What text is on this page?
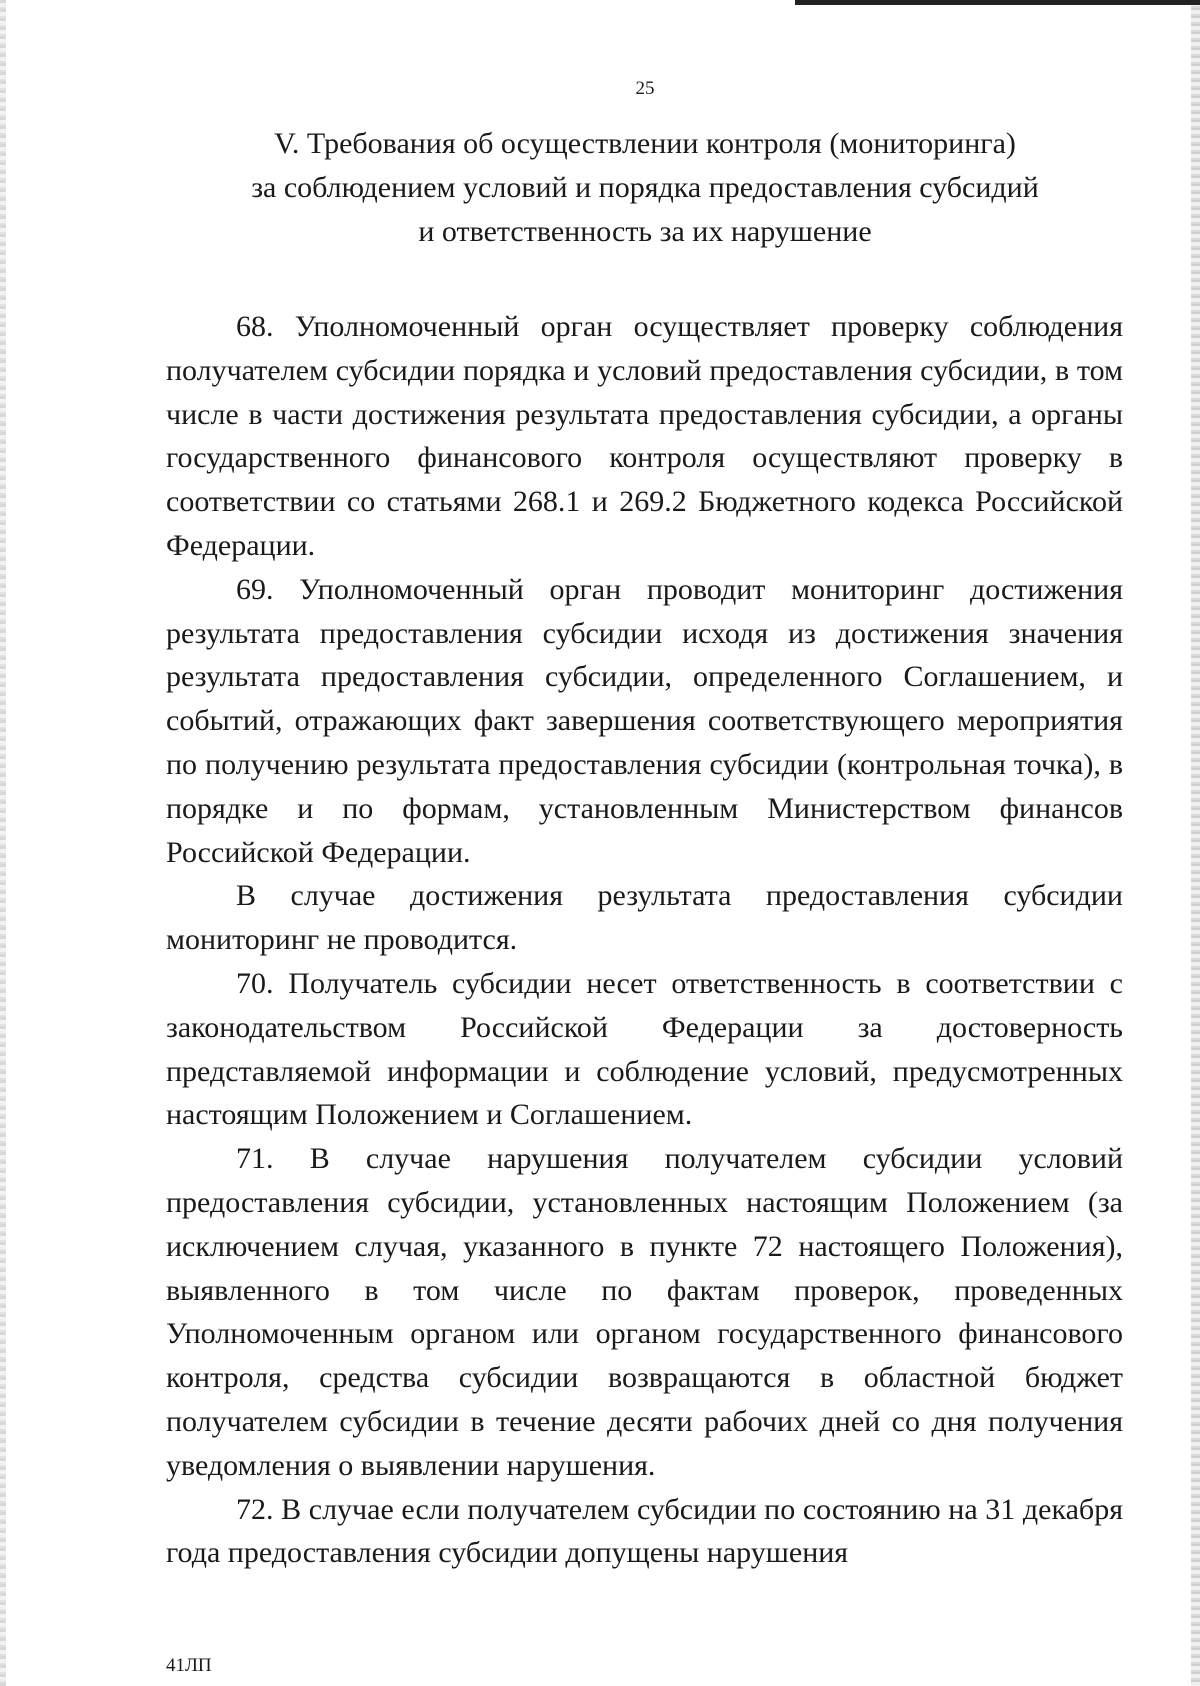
25
V. Требования об осуществлении контроля (мониторинга)
за соблюдением условий и порядка предоставления субсидий
и ответственность за их нарушение

68. Уполномоченный орган осуществляет проверку соблюдения получателем субсидии порядка и условий предоставления субсидии, в том числе в части достижения результата предоставления субсидии, а органы государственного финансового контроля осуществляют проверку в соответствии со статьями 268.1 и 269.2 Бюджетного кодекса Российской Федерации.

69. Уполномоченный орган проводит мониторинг достижения результата предоставления субсидии исходя из достижения значения результата предоставления субсидии, определенного Соглашением, и событий, отражающих факт завершения соответствующего мероприятия по получению результата предоставления субсидии (контрольная точка), в порядке и по формам, установленным Министерством финансов Российской Федерации.

В случае достижения результата предоставления субсидии мониторинг не проводится.

70. Получатель субсидии несет ответственность в соответствии с законодательством Российской Федерации за достоверность представляемой информации и соблюдение условий, предусмотренных настоящим Положением и Соглашением.

71. В случае нарушения получателем субсидии условий предоставления субсидии, установленных настоящим Положением (за исключением случая, указанного в пункте 72 настоящего Положения), выявленного в том числе по фактам проверок, проведенных Уполномоченным органом или органом государственного финансового контроля, средства субсидии возвращаются в областной бюджет получателем субсидии в течение десяти рабочих дней со дня получения уведомления о выявлении нарушения.

72. В случае если получателем субсидии по состоянию на 31 декабря года предоставления субсидии допущены нарушения

41ЛП
